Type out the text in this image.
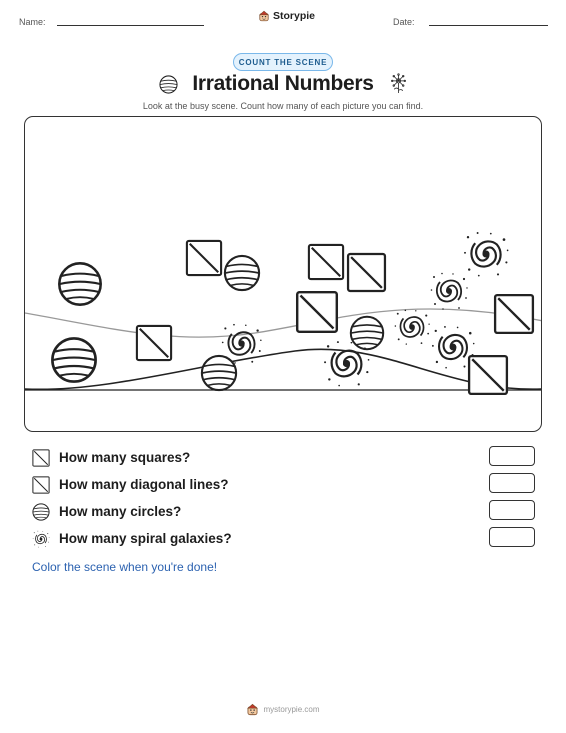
Name:	Storypie	Date:
COUNT THE SCENE
Irrational Numbers
Look at the busy scene. Count how many of each picture you can find.
How many squares?
How many diagonal lines?
How many circles?
How many spiral galaxies?
Color the scene when you're done!
mystorypie.com
